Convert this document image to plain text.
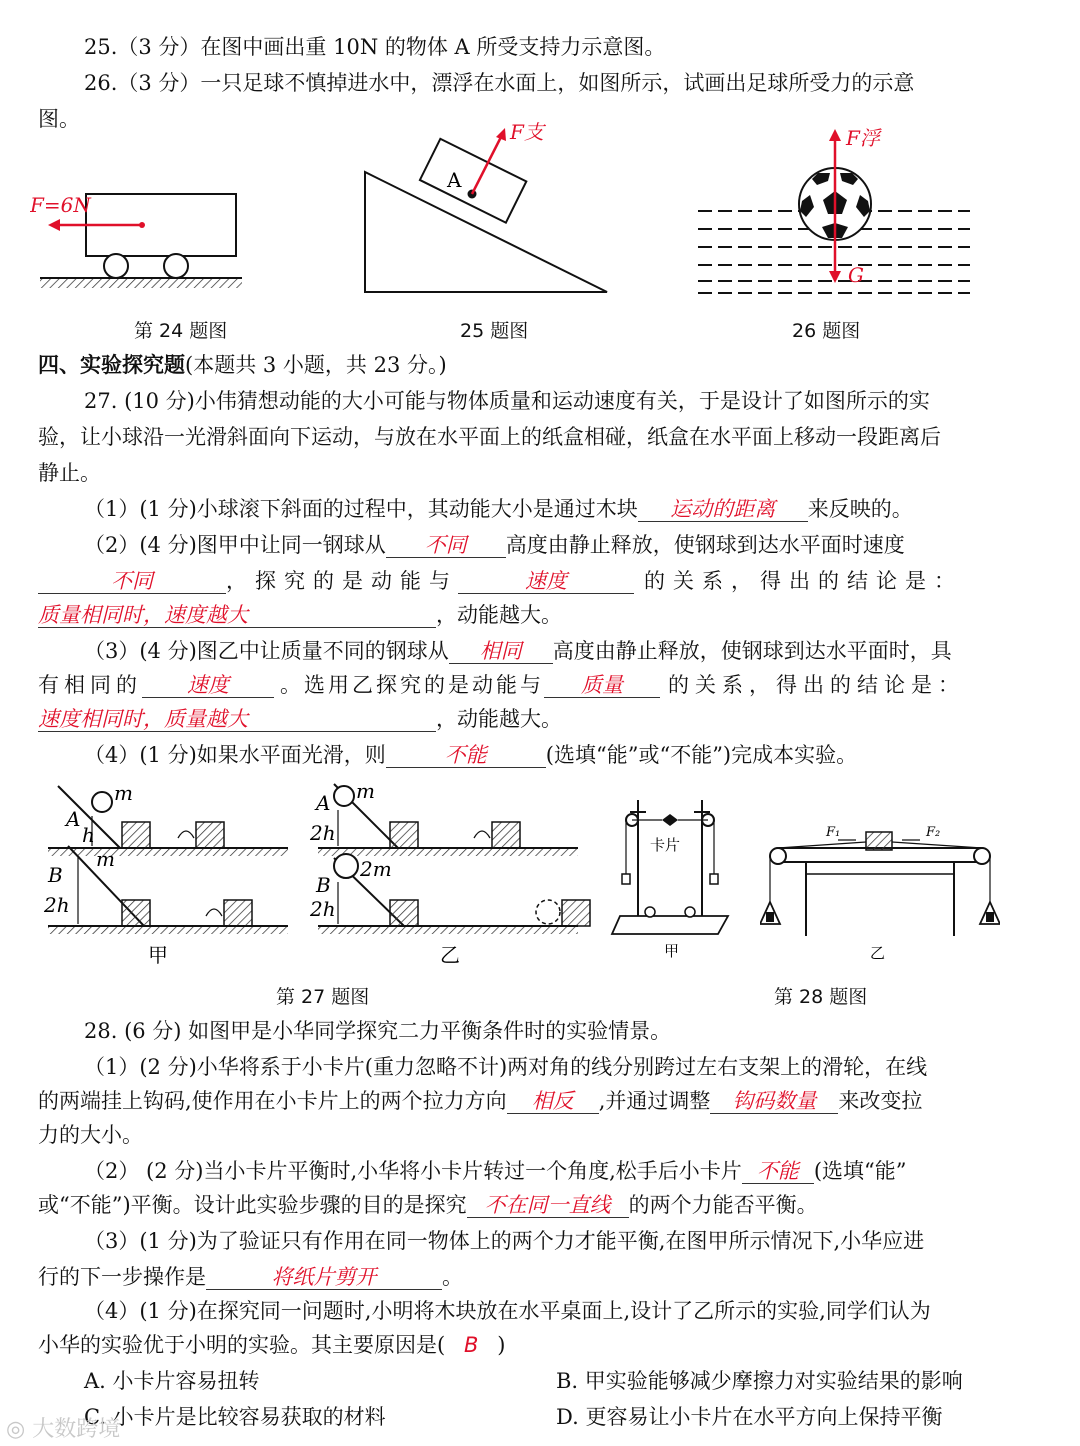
25.（3 分）在图中画出重 10N 的物体 A 所受支持力示意图。
26.（3 分）一只足球不慎掉进水中，漂浮在水面上，如图所示，试画出足球所受力的示意
图。
F=6N
第 24 题图
A
F支
25 题图
F浮
G
26 题图
四、实验探究题(本题共 3 小题，共 23 分。)
27. (10 分)小伟猜想动能的大小可能与物体质量和运动速度有关，于是设计了如图所示的实
验，让小球沿一光滑斜面向下运动，与放在水平面上的纸盒相碰，纸盒在水平面上移动一段距离后
静止。
（1）(1 分)小球滚下斜面的过程中，其动能大小是通过木块 运动的距离 来反映的。
（2）(4 分)图甲中让同一钢球从 不同 高度由静止释放，使钢球到达水平面时速度
不同	，探究的是动能与	速度	的关系，得出的结论是：
质量相同时，速度越大	，动能越大。
（3）(4 分)图乙中让质量不同的钢球从 相同 高度由静止释放，使钢球到达水平面时，具
有相同的 速度 。选用乙探究的是动能与 质量 的关系，得出的结论是：
速度相同时，质量越大	，动能越大。
（4）(1 分)如果水平面光滑，则	不能	(选填“能”或“不能”)完成本实验。
A
h
m
B
2h
m
甲
A
2h
m
B
2h
2m
乙
第 27 题图
卡片
甲
F₁	F₂
乙
第 28 题图
28. (6 分) 如图甲是小华同学探究二力平衡条件时的实验情景。
（1）(2 分)小华将系于小卡片(重力忽略不计)两对角的线分别跨过左右支架上的滑轮，在线
的两端挂上钩码,使作用在小卡片上的两个拉力方向 相反 ,并通过调整 钩码数量 来改变拉
力的大小。
（2） (2 分)当小卡片平衡时,小华将小卡片转过一个角度,松手后小卡片 不能 (选填“能”
或“不能”)平衡。设计此实验步骤的目的是探究 不在同一直线 的两个力能否平衡。
（3）(1 分)为了验证只有作用在同一物体上的两个力才能平衡,在图甲所示情况下,小华应进
行的下一步操作是	将纸片剪开	。
（4）(1 分)在探究同一问题时,小明将木块放在水平桌面上,设计了乙所示的实验,同学们认为
小华的实验优于小明的实验。其主要原因是( B )
A. 小卡片容易扭转	B. 甲实验能够减少摩擦力对实验结果的影响
C. 小卡片是比较容易获取的材料	D. 更容易让小卡片在水平方向上保持平衡
◎ 大数跨境
